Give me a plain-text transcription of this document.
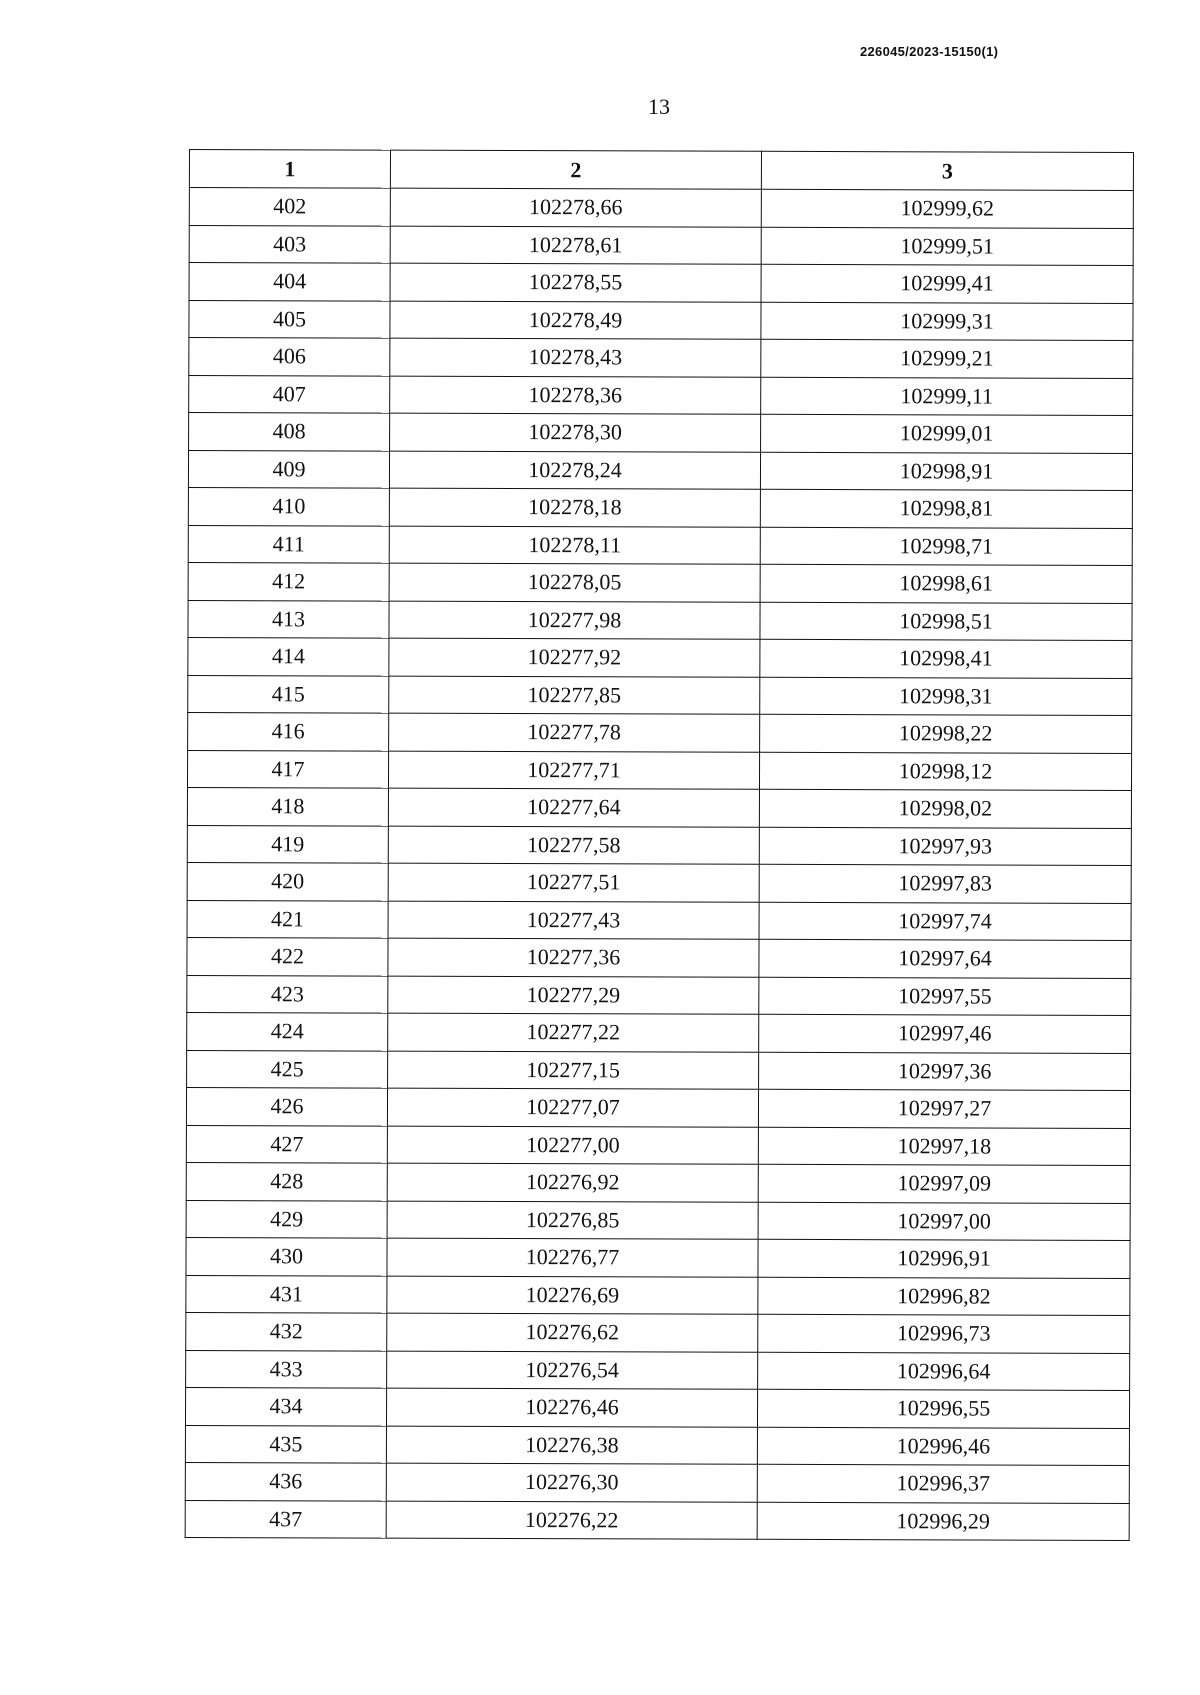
226045/2023-15150(1)
13
1	2	3
402	102278,66	102999,62
403	102278,61	102999,51
404	102278,55	102999,41
405	102278,49	102999,31
406	102278,43	102999,21
407	102278,36	102999,11
408	102278,30	102999,01
409	102278,24	102998,91
410	102278,18	102998,81
411	102278,11	102998,71
412	102278,05	102998,61
413	102277,98	102998,51
414	102277,92	102998,41
415	102277,85	102998,31
416	102277,78	102998,22
417	102277,71	102998,12
418	102277,64	102998,02
419	102277,58	102997,93
420	102277,51	102997,83
421	102277,43	102997,74
422	102277,36	102997,64
423	102277,29	102997,55
424	102277,22	102997,46
425	102277,15	102997,36
426	102277,07	102997,27
427	102277,00	102997,18
428	102276,92	102997,09
429	102276,85	102997,00
430	102276,77	102996,91
431	102276,69	102996,82
432	102276,62	102996,73
433	102276,54	102996,64
434	102276,46	102996,55
435	102276,38	102996,46
436	102276,30	102996,37
437	102276,22	102996,29
